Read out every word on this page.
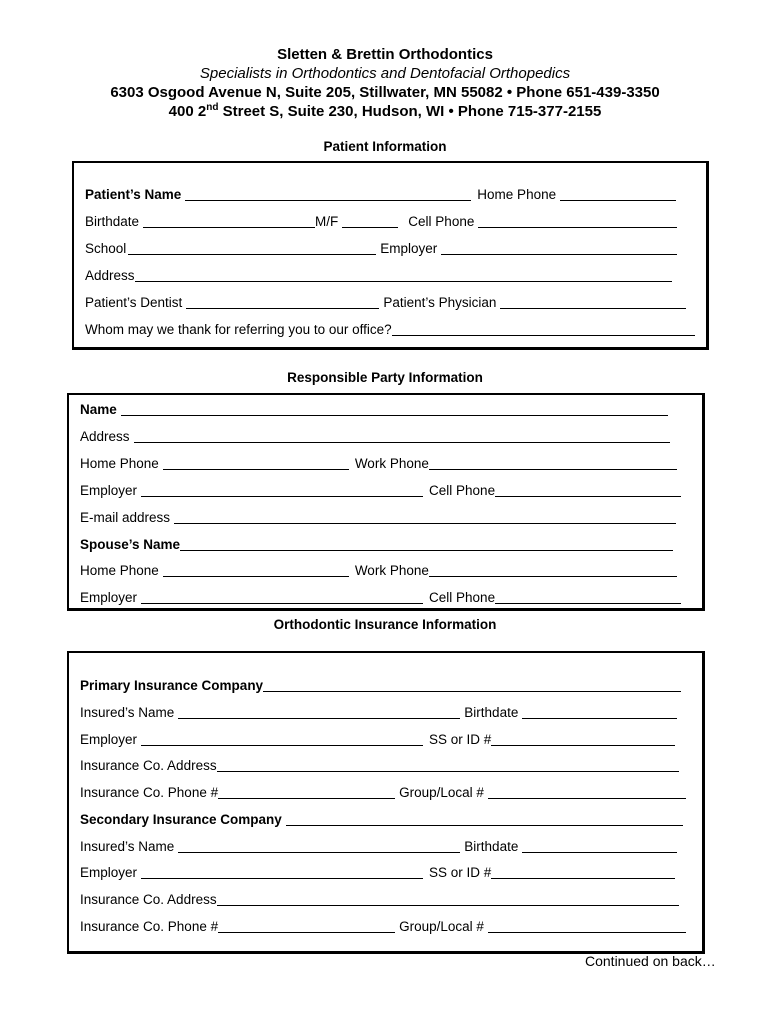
Sletten & Brettin Orthodontics
Specialists in Orthodontics and Dentofacial Orthopedics
6303 Osgood Avenue N, Suite 205, Stillwater, MN 55082 • Phone 651-439-3350
400 2nd Street S, Suite 230, Hudson, WI • Phone 715-377-2155
Patient Information
Patient’s Name	Home Phone
Birthdate	M/F	Cell Phone
School	Employer
Address
Patient’s Dentist	Patient’s Physician
Whom may we thank for referring you to our office?
Responsible Party Information
Name
Address
Home Phone	Work Phone
Employer	Cell Phone
E-mail address
Spouse’s Name
Home Phone	Work Phone
Employer	Cell Phone
Orthodontic Insurance Information
Primary Insurance Company
Insured’s Name	Birthdate
Employer	SS or ID #
Insurance Co. Address
Insurance Co. Phone #	Group/Local #
Secondary Insurance Company
Insured’s Name	Birthdate
Employer	SS or ID #
Insurance Co. Address
Insurance Co. Phone #	Group/Local #
Continued on back…
